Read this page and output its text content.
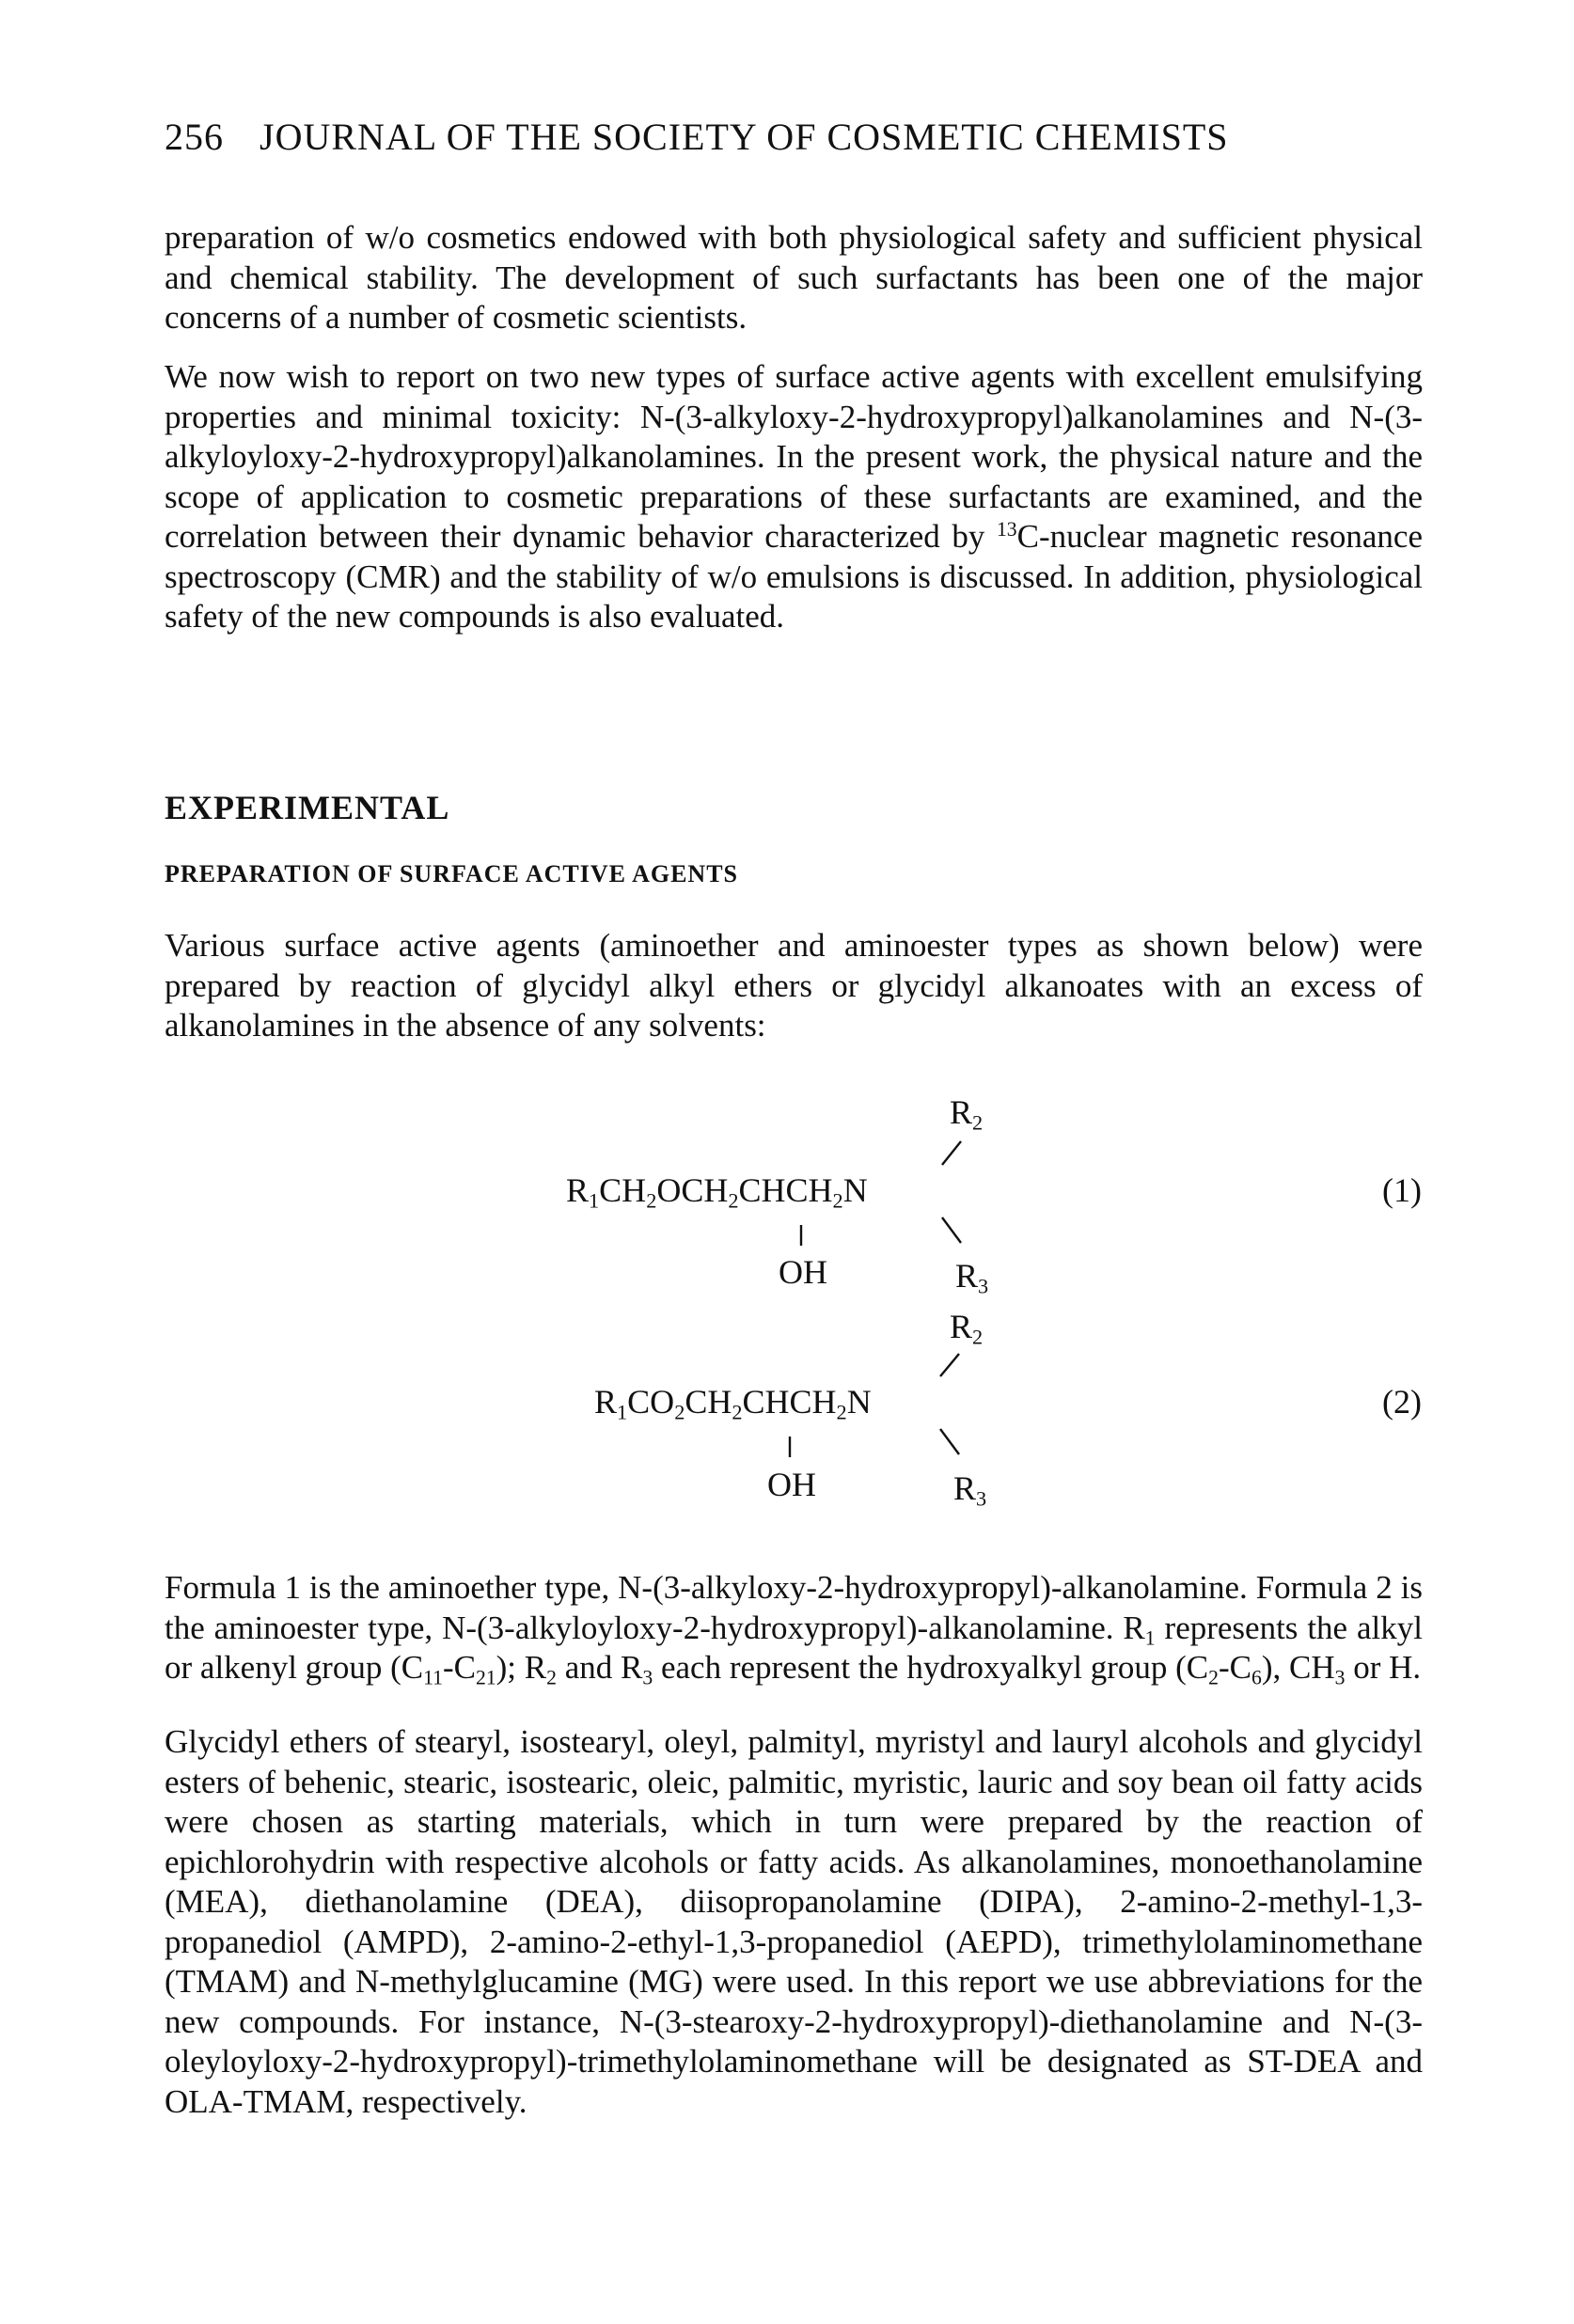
256 JOURNAL OF THE SOCIETY OF COSMETIC CHEMISTS

preparation of w/o cosmetics endowed with both physiological safety and sufficient physical and chemical stability. The development of such surfactants has been one of the major concerns of a number of cosmetic scientists.

We now wish to report on two new types of surface active agents with excellent emulsifying properties and minimal toxicity: N-(3-alkyloxy-2-hydroxypropyl)alkanolamines and N-(3-alkyloyloxy-2-hydroxypropyl)alkanolamines. In the present work, the physical nature and the scope of application to cosmetic preparations of these surfactants are examined, and the correlation between their dynamic behavior characterized by $^{13}$C-nuclear magnetic resonance spectroscopy (CMR) and the stability of w/o emulsions is discussed. In addition, physiological safety of the new compounds is also evaluated.

EXPERIMENTAL
PREPARATION OF SURFACE ACTIVE AGENTS

Various surface active agents (aminoether and aminoester types as shown below) were prepared by reaction of glycidyl alkyl ethers or glycidyl alkanoates with an excess of alkanolamines in the absence of any solvents:

$R_2$
$R_1CH_2OCH_2CHCH_2N$
OH	$R_3$
(1)
$R_2$
$R_1CO_2CH_2CHCH_2N$
OH	$R_3$
(2)

Formula 1 is the aminoether type, N-(3-alkyloxy-2-hydroxypropyl)-alkanolamine. Formula 2 is the aminoester type, N-(3-alkyloyloxy-2-hydroxypropyl)-alkanolamine. $R_1$ represents the alkyl or alkenyl group $(C_{11}-C_{21})$; $R_2$ and $R_3$ each represent the hydroxyalkyl group $(C_2-C_6)$, $CH_3$ or H.

Glycidyl ethers of stearyl, isostearyl, oleyl, palmityl, myristyl and lauryl alcohols and glycidyl esters of behenic, stearic, isostearic, oleic, palmitic, myristic, lauric and soy bean oil fatty acids were chosen as starting materials, which in turn were prepared by the reaction of epichlorohydrin with respective alcohols or fatty acids. As alkanolamines, monoethanolamine (MEA), diethanolamine (DEA), diisopropanolamine (DIPA), 2-amino-2-methyl-1,3-propanediol (AMPD), 2-amino-2-ethyl-1,3-propanediol (AEPD), trimethylolaminomethane (TMAM) and N-methylglucamine (MG) were used. In this report we use abbreviations for the new compounds. For instance, N-(3-stearoxy-2-hydroxypropyl)-diethanolamine and N-(3-oleyloyloxy-2-hydroxypropyl)-trimethylolaminomethane will be designated as ST-DEA and OLA-TMAM, respectively.
